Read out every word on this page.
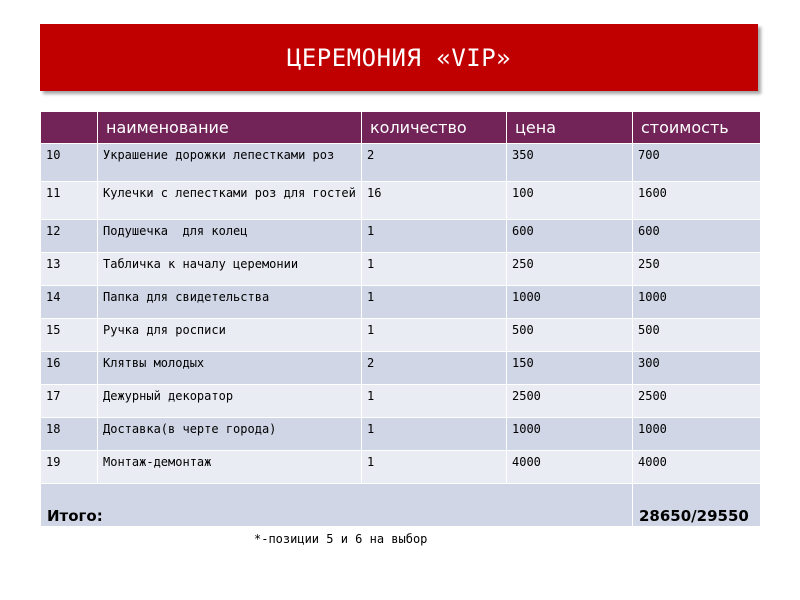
ЦЕРЕМОНИЯ «VIP»
	наименование	количество	цена	стоимость
10	Украшение дорожки лепестками роз	2	350	700
11	Кулечки с лепестками роз для гостей	16	100	1600
12	Подушечка  для колец	1	600	600
13	Табличка к началу церемонии	1	250	250
14	Папка для свидетельства	1	1000	1000
15	Ручка для росписи	1	500	500
16	Клятвы молодых	2	150	300
17	Дежурный декоратор	1	2500	2500
18	Доставка(в черте города)	1	1000	1000
19	Монтаж-демонтаж	1	4000	4000
Итого:				28650/29550
*-позиции 5 и 6 на выбор
